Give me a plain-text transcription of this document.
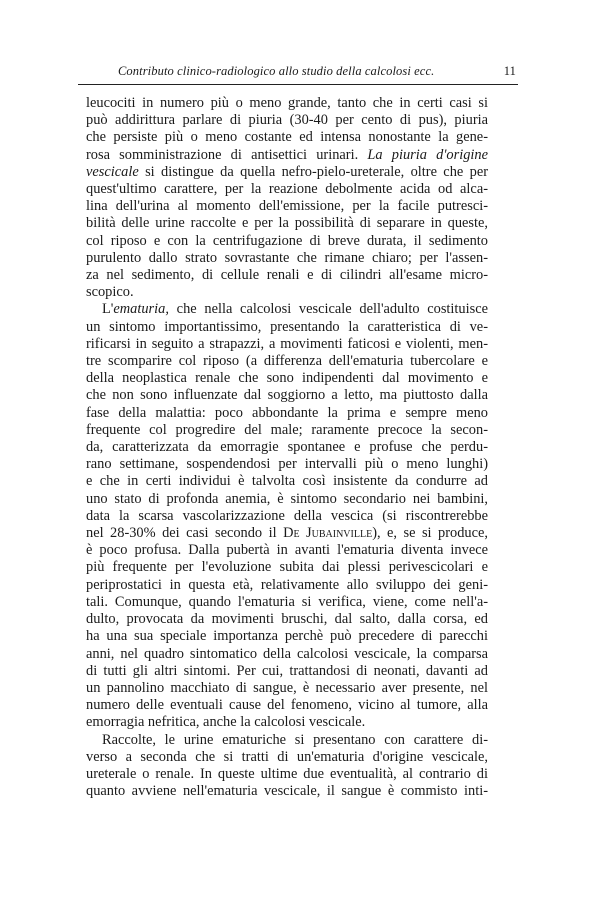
Contributo clinico-radiologico allo studio della calcolosi ecc.	11
leucociti in numero più o meno grande, tanto che in certi casi si
può addirittura parlare di piuria (30-40 per cento di pus), piuria
che persiste più o meno costante ed intensa nonostante la gene-
rosa somministrazione di antisettici urinari. La piuria d'origine
vescicale si distingue da quella nefro-pielo-ureterale, oltre che per
quest'ultimo carattere, per la reazione debolmente acida od alca-
lina dell'urina al momento dell'emissione, per la facile putresci-
bilità delle urine raccolte e per la possibilità di separare in queste,
col riposo e con la centrifugazione di breve durata, il sedimento
purulento dallo strato sovrastante che rimane chiaro; per l'assen-
za nel sedimento, di cellule renali e di cilindri all'esame micro-
scopico.
L'ematuria, che nella calcolosi vescicale dell'adulto costituisce
un sintomo importantissimo, presentando la caratteristica di ve-
rificarsi in seguito a strapazzi, a movimenti faticosi e violenti, men-
tre scomparire col riposo (a differenza dell'ematuria tubercolare e
della neoplastica renale che sono indipendenti dal movimento e
che non sono influenzate dal soggiorno a letto, ma piuttosto dalla
fase della malattia: poco abbondante la prima e sempre meno
frequente col progredire del male; raramente precoce la secon-
da, caratterizzata da emorragie spontanee e profuse che perdu-
rano settimane, sospendendosi per intervalli più o meno lunghi)
e che in certi individui è talvolta così insistente da condurre ad
uno stato di profonda anemia, è sintomo secondario nei bambini,
data la scarsa vascolarizzazione della vescica (si riscontrerebbe
nel 28-30% dei casi secondo il De Jubainville), e, se si produce,
è poco profusa. Dalla pubertà in avanti l'ematuria diventa invece
più frequente per l'evoluzione subita dai plessi perivescicolari e
periprostatici in questa età, relativamente allo sviluppo dei geni-
tali. Comunque, quando l'ematuria si verifica, viene, come nell'a-
dulto, provocata da movimenti bruschi, dal salto, dalla corsa, ed
ha una sua speciale importanza perchè può precedere di parecchi
anni, nel quadro sintomatico della calcolosi vescicale, la comparsa
di tutti gli altri sintomi. Per cui, trattandosi di neonati, davanti ad
un pannolino macchiato di sangue, è necessario aver presente, nel
numero delle eventuali cause del fenomeno, vicino al tumore, alla
emorragia nefritica, anche la calcolosi vescicale.
Raccolte, le urine ematuriche si presentano con carattere di-
verso a seconda che si tratti di un'ematuria d'origine vescicale,
ureterale o renale. In queste ultime due eventualità, al contrario di
quanto avviene nell'ematuria vescicale, il sangue è commisto inti-
